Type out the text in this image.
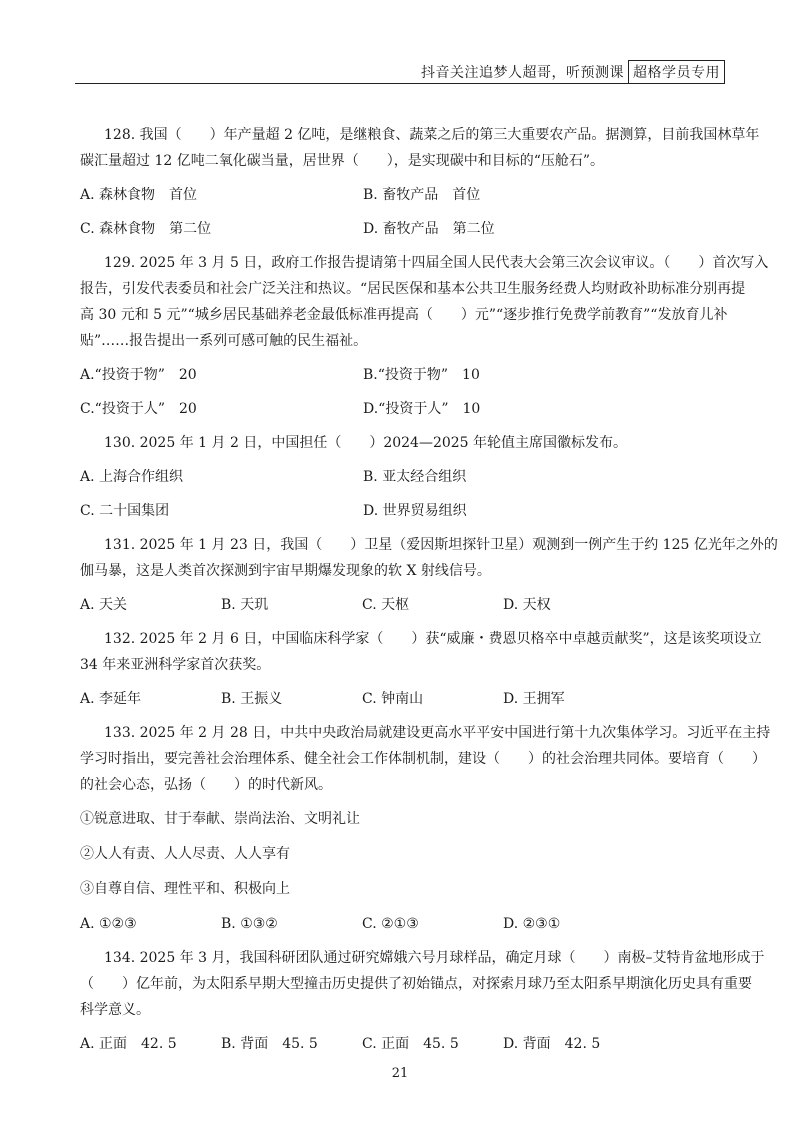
抖音关注追梦人超哥，听预测课 超格学员专用
128. 我国（　　）年产量超 2 亿吨，是继粮食、蔬菜之后的第三大重要农产品。据测算，目前我国林草年
碳汇量超过 12 亿吨二氧化碳当量，居世界（　　），是实现碳中和目标的“压舱石”。
A. 森林食物　首位	B. 畜牧产品　首位
C. 森林食物　第二位	D. 畜牧产品　第二位
129. 2025 年 3 月 5 日，政府工作报告提请第十四届全国人民代表大会第三次会议审议。（　　）首次写入
报告，引发代表委员和社会广泛关注和热议。“居民医保和基本公共卫生服务经费人均财政补助标准分别再提
高 30 元和 5 元”“城乡居民基础养老金最低标准再提高（　　）元”“逐步推行免费学前教育”“发放育儿补
贴”……报告提出一系列可感可触的民生福祉。
A.“投资于物”　20	B.“投资于物”　10
C.“投资于人”　20	D.“投资于人”　10
130. 2025 年 1 月 2 日，中国担任（　　）2024—2025 年轮值主席国徽标发布。
A. 上海合作组织	B. 亚太经合组织
C. 二十国集团	D. 世界贸易组织
131. 2025 年 1 月 23 日，我国（　　）卫星（爱因斯坦探针卫星）观测到一例产生于约 125 亿光年之外的
伽马暴，这是人类首次探测到宇宙早期爆发现象的软 X 射线信号。
A. 天关	B. 天玑	C. 天枢	D. 天权
132. 2025 年 2 月 6 日，中国临床科学家（　　）获“威廉・费恩贝格卒中卓越贡献奖”，这是该奖项设立
34 年来亚洲科学家首次获奖。
A. 李延年	B. 王振义	C. 钟南山	D. 王拥军
133. 2025 年 2 月 28 日，中共中央政治局就建设更高水平平安中国进行第十九次集体学习。习近平在主持
学习时指出，要完善社会治理体系、健全社会工作体制机制，建设（　　）的社会治理共同体。要培育（　　）
的社会心态，弘扬（　　）的时代新风。
①锐意进取、甘于奉献、崇尚法治、文明礼让
②人人有责、人人尽责、人人享有
③自尊自信、理性平和、积极向上
A. ①②③	B. ①③②	C. ②①③	D. ②③①
134. 2025 年 3 月，我国科研团队通过研究嫦娥六号月球样品，确定月球（　　）南极–艾特肯盆地形成于
（　　）亿年前，为太阳系早期大型撞击历史提供了初始锚点，对探索月球乃至太阳系早期演化历史具有重要
科学意义。
A. 正面　42. 5	B. 背面　45. 5	C. 正面　45. 5	D. 背面　42. 5
21
